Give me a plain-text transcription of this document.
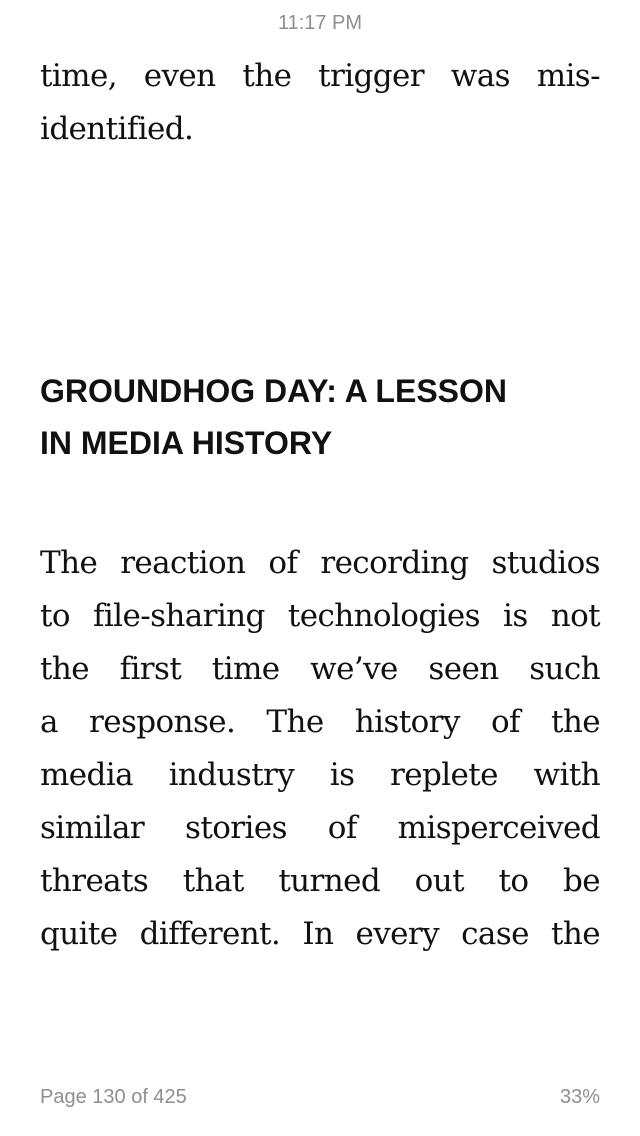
11:17 PM

time, even the trigger was mis-
identified.

GROUNDHOG DAY: A LESSON
IN MEDIA HISTORY

The reaction of recording studios
to file-sharing technologies is not
the first time we’ve seen such
a response. The history of the
media industry is replete with
similar stories of misperceived
threats that turned out to be
quite different. In every case the

Page 130 of 425	33%
